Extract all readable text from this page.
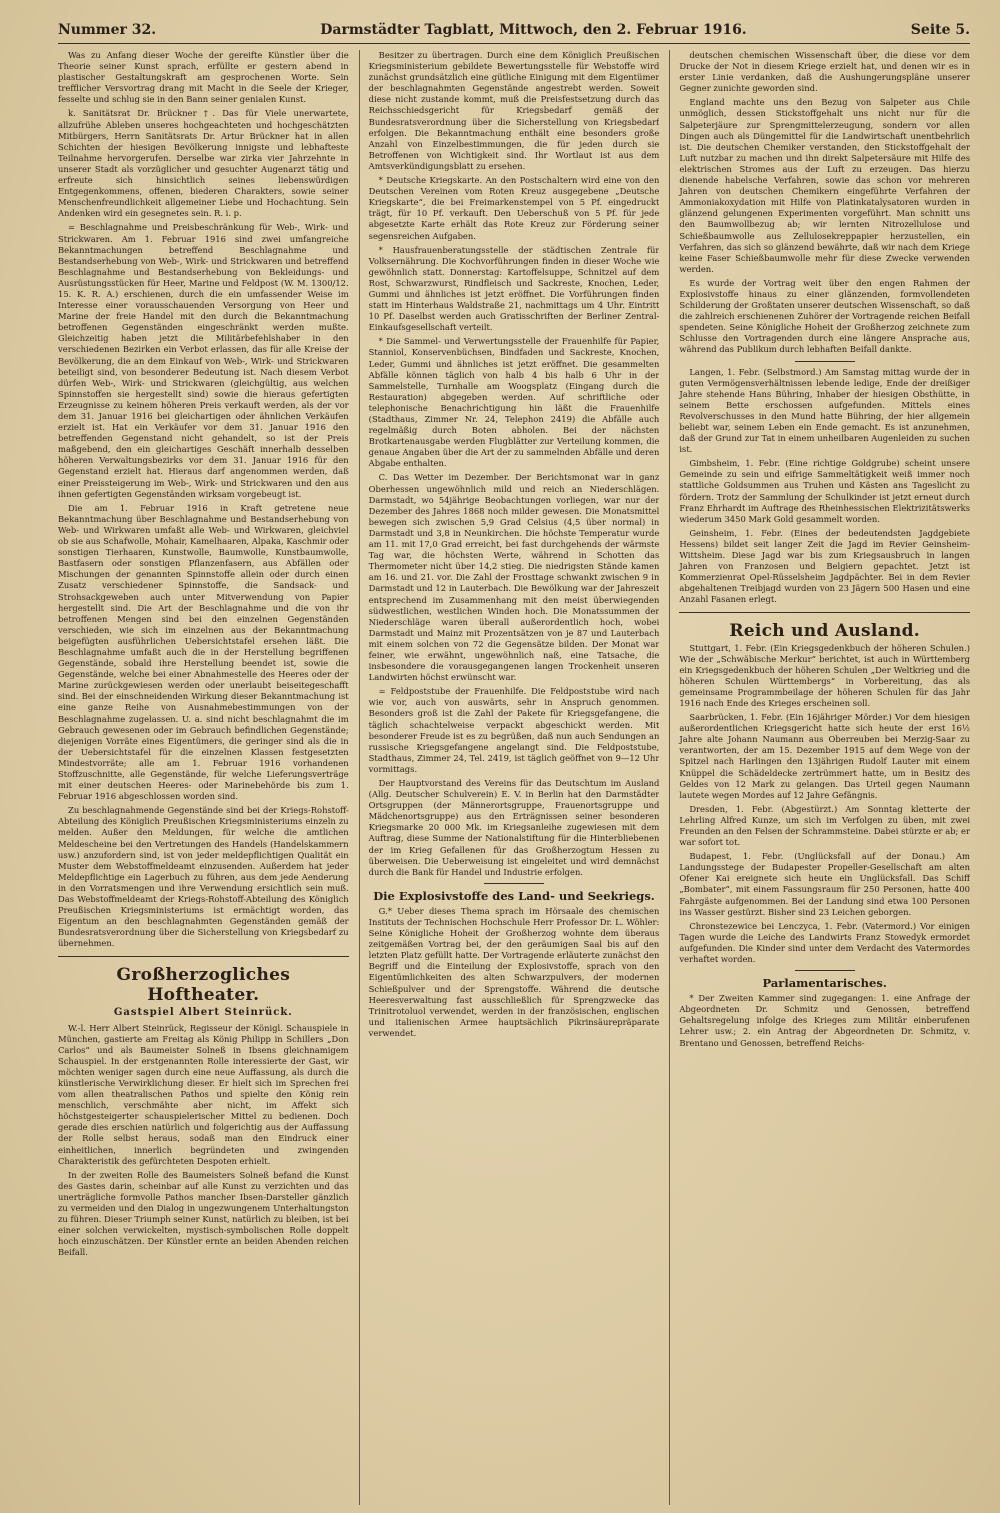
Nummer 32.	Darmstädter Tagblatt, Mittwoch, den 2. Februar 1916.	Seite 5.

Was zu Anfang dieser Woche der gereifte Künstler über die Theorie seiner Kunst sprach, erfüllte er gestern abend in plastischer Gestaltungskraft am gesprochenen Worte. Sein trefflicher Versvortrag drang mit Macht in die Seele der Krieger, fesselte und schlug sie in den Bann seiner genialen Kunst.

k. Sanitätsrat Dr. Brückner †. Das für Viele unerwartete, allzufrühe Ableben unseres hochgeachteten und hochgeschätzten Mitbürgers, Herrn Sanitätsrats Dr. Artur Brückner hat in allen Schichten der hiesigen Bevölkerung innigste und lebhafteste Teilnahme hervorgerufen. Derselbe war zirka vier Jahrzehnte in unserer Stadt als vorzüglicher und gesuchter Augenarzt tätig und erfreute sich hinsichtlich seines liebenswürdigen Entgegenkommens, offenen, biederen Charakters, sowie seiner Menschenfreundlichkeit allgemeiner Liebe und Hochachtung. Sein Andenken wird ein gesegnetes sein. R. i. p.

= Beschlagnahme und Preisbeschränkung für Web-, Wirk- und Strickwaren. Am 1. Februar 1916 sind zwei umfangreiche Bekanntmachungen betreffend Beschlagnahme und Bestandserhebung von Web-, Wirk- und Strickwaren und betreffend Beschlagnahme und Bestandserhebung von Bekleidungs- und Ausrüstungsstücken für Heer, Marine und Feldpost (W. M. 1300/12. 15. K. R. A.) erschienen, durch die ein umfassender Weise im Interesse einer vorausschauenden Versorgung von Heer und Marine der freie Handel mit den durch die Bekanntmachung betroffenen Gegenständen eingeschränkt werden mußte. Gleichzeitig haben jetzt die Militärbefehlshaber in den verschiedenen Bezirken ein Verbot erlassen, das für alle Kreise der Bevölkerung, die an dem Einkauf von Web-, Wirk- und Strickwaren beteiligt sind, von besonderer Bedeutung ist. Nach diesem Verbot dürfen Web-, Wirk- und Strickwaren (gleichgültig, aus welchen Spinnstoffen sie hergestellt sind) sowie die hieraus gefertigten Erzeugnisse zu keinem höheren Preis verkauft werden, als der vor dem 31. Januar 1916 bei gleichartigen oder ähnlichen Verkäufen erzielt ist. Hat ein Verkäufer vor dem 31. Januar 1916 den betreffenden Gegenstand nicht gehandelt, so ist der Preis maßgebend, den ein gleichartiges Geschäft innerhalb desselben höheren Verwaltungsbezirks vor dem 31. Januar 1916 für den Gegenstand erzielt hat. Hieraus darf angenommen werden, daß einer Preissteigerung im Web-, Wirk- und Strickwaren und den aus ihnen gefertigten Gegenständen wirksam vorgebeugt ist.

Die am 1. Februar 1916 in Kraft getretene neue Bekanntmachung über Beschlagnahme und Bestandserhebung von Web- und Wirkwaren umfaßt alle Web- und Wirkwaren, gleichviel ob sie aus Schafwolle, Mohair, Kamelhaaren, Alpaka, Kaschmir oder sonstigen Tierhaaren, Kunstwolle, Baumwolle, Kunstbaumwolle, Bastfasern oder sonstigen Pflanzenfasern, aus Abfällen oder Mischungen der genannten Spinnstoffe allein oder durch einen Zusatz verschiedener Spinnstoffe, die Sandsack- und Strohsackgeweben auch unter Mitverwendung von Papier hergestellt sind. Die Art der Beschlagnahme und die von ihr betroffenen Mengen sind bei den einzelnen Gegenständen verschieden, wie sich im einzelnen aus der Bekanntmachung beigefügten ausführlichen Uebersichtstafel ersehen läßt. Die Beschlagnahme umfaßt auch die in der Herstellung begriffenen Gegenstände, sobald ihre Herstellung beendet ist, sowie die Gegenstände, welche bei einer Abnahmestelle des Heeres oder der Marine zurückgewiesen werden oder unerlaubt beiseitegeschafft sind. Bei der einschneidenden Wirkung dieser Bekanntmachung ist eine ganze Reihe von Ausnahmebestimmungen von der Beschlagnahme zugelassen. U. a. sind nicht beschlagnahmt die im Gebrauch gewesenen oder im Gebrauch befindlichen Gegenstände; diejenigen Vorräte eines Eigentümers, die geringer sind als die in der Uebersichtstafel für die einzelnen Klassen festgesetzten Mindestvorräte; alle am 1. Februar 1916 vorhandenen Stoffzuschnitte, alle Gegenstände, für welche Lieferungsverträge mit einer deutschen Heeres- oder Marinebehörde bis zum 1. Februar 1916 abgeschlossen worden sind.

Zu beschlagnahmende Gegenstände sind bei der Kriegs-Rohstoff-Abteilung des Königlich Preußischen Kriegsministeriums einzeln zu melden. Außer den Meldungen, für welche die amtlichen Meldescheine bei den Vertretungen des Handels (Handelskammern usw.) anzufordern sind, ist von jeder meldepflichtigen Qualität ein Muster dem Webstoffmeldeamt einzusenden. Außerdem hat jeder Meldepflichtige ein Lagerbuch zu führen, aus dem jede Aenderung in den Vorratsmengen und ihre Verwendung ersichtlich sein muß. Das Webstoffmeldeamt der Kriegs-Rohstoff-Abteilung des Königlich Preußischen Kriegsministeriums ist ermächtigt worden, das Eigentum an den beschlagnahmten Gegenständen gemäß der Bundesratsverordnung über die Sicherstellung von Kriegsbedarf zu übernehmen.

Großherzogliches Hoftheater.
Gastspiel Albert Steinrück.

W.-l. Herr Albert Steinrück, Regisseur der Königl. Schauspiele in München, gastierte am Freitag als König Philipp in Schillers „Don Carlos“ und als Baumeister Solneß in Ibsens gleichnamigem Schauspiel. In der erstgenannten Rolle interessierte der Gast, wir möchten weniger sagen durch eine neue Auffassung, als durch die künstlerische Verwirklichung dieser. Er hielt sich im Sprechen frei vom allen theatralischen Pathos und spielte den König rein menschlich, verschmähte aber nicht, im Affekt sich höchstgesteigerter schauspielerischer Mittel zu bedienen. Doch gerade dies erschien natürlich und folgerichtig aus der Auffassung der Rolle selbst heraus, sodaß man den Eindruck einer einheitlichen, innerlich begründeten und zwingenden Charakteristik des gefürchteten Despoten erhielt.

In der zweiten Rolle des Baumeisters Solneß befand die Kunst des Gastes darin, scheinbar auf alle Kunst zu verzichten und das unerträgliche formvolle Pathos mancher Ibsen-Darsteller gänzlich zu vermeiden und den Dialog in ungezwungenem Unterhaltungston zu führen. Dieser Triumph seiner Kunst, natürlich zu bleiben, ist bei einer solchen verwickelten, mystisch-symbolischen Rolle doppelt hoch einzuschätzen. Der Künstler ernte an beiden Abenden reichen Beifall.

Besitzer zu übertragen. Durch eine dem Königlich Preußischen Kriegsministerium gebildete Bewertungsstelle für Webstoffe wird zunächst grundsätzlich eine gütliche Einigung mit dem Eigentümer der beschlagnahmten Gegenstände angestrebt werden. Soweit diese nicht zustande kommt, muß die Preisfestsetzung durch das Reichsschiedsgericht für Kriegsbedarf gemäß der Bundesratsverordnung über die Sicherstellung von Kriegsbedarf erfolgen. Die Bekanntmachung enthält eine besonders große Anzahl von Einzelbestimmungen, die für jeden durch sie Betroffenen von Wichtigkeit sind. Ihr Wortlaut ist aus dem Amtsverkündigungsblatt zu ersehen.

* Deutsche Kriegskarte. An den Postschaltern wird eine von den Deutschen Vereinen vom Roten Kreuz ausgegebene „Deutsche Kriegskarte“, die bei Freimarkenstempel von 5 Pf. eingedruckt trägt, für 10 Pf. verkauft. Den Ueberschuß von 5 Pf. für jede abgesetzte Karte erhält das Rote Kreuz zur Förderung seiner segensreichen Aufgaben.

* Hausfrauenberatungsstelle der städtischen Zentrale für Volksernährung. Die Kochvorführungen finden in dieser Woche wie gewöhnlich statt. Donnerstag: Kartoffelsuppe, Schnitzel auf dem Rost, Schwarzwurst, Rindfleisch und Sackreste, Knochen, Leder, Gummi und ähnliches ist jetzt eröffnet. Die Vorführungen finden statt im Hinterhaus Waldstraße 21, nachmittags um 4 Uhr. Eintritt 10 Pf. Daselbst werden auch Gratisschriften der Berliner Zentral-Einkaufsgesellschaft verteilt.

* Die Sammel- und Verwertungsstelle der Frauenhilfe für Papier, Stanniol, Konservenbüchsen, Bindfaden und Sackreste, Knochen, Leder, Gummi und ähnliches ist jetzt eröffnet. Die gesammelten Abfälle können täglich von halb 4 bis halb 6 Uhr in der Sammelstelle, Turnhalle am Woogsplatz (Eingang durch die Restauration) abgegeben werden. Auf schriftliche oder telephonische Benachrichtigung hin läßt die Frauenhilfe (Stadthaus, Zimmer Nr. 24, Telephon 2419) die Abfälle auch regelmäßig durch Boten abholen. Bei der nächsten Brotkartenausgabe werden Flugblätter zur Verteilung kommen, die genaue Angaben über die Art der zu sammelnden Abfälle und deren Abgabe enthalten.

C. Das Wetter im Dezember. Der Berichtsmonat war in ganz Oberhessen ungewöhnlich mild und reich an Niederschlägen. Darmstadt, wo 54jährige Beobachtungen vorliegen, war nur der Dezember des Jahres 1868 noch milder gewesen. Die Monatsmittel bewegen sich zwischen 5,9 Grad Celsius (4,5 über normal) in Darmstadt und 3,8 in Neunkirchen. Die höchste Temperatur wurde am 11. mit 17,0 Grad erreicht, bei fast durchgehends der wärmste Tag war, die höchsten Werte, während in Schotten das Thermometer nicht über 14,2 stieg. Die niedrigsten Stände kamen am 16. und 21. vor. Die Zahl der Frosttage schwankt zwischen 9 in Darmstadt und 12 in Lauterbach. Die Bewölkung war der Jahreszeit entsprechend im Zusammenhang mit den meist überwiegenden südwestlichen, westlichen Winden hoch. Die Monatssummen der Niederschläge waren überall außerordentlich hoch, wobei Darmstadt und Mainz mit Prozentsätzen von je 87 und Lauterbach mit einem solchen von 72 die Gegensätze bilden. Der Monat war feiner, wie erwähnt, ungewöhnlich naß, eine Tatsache, die insbesondere die vorausgegangenen langen Trockenheit unseren Landwirten höchst erwünscht war.

= Feldpoststube der Frauenhilfe. Die Feldpoststube wird nach wie vor, auch von auswärts, sehr in Anspruch genommen. Besonders groß ist die Zahl der Pakete für Kriegsgefangene, die täglich schachtelweise verpackt abgeschickt werden. Mit besonderer Freude ist es zu begrüßen, daß nun auch Sendungen an russische Kriegsgefangene angelangt sind. Die Feldpoststube, Stadthaus, Zimmer 24, Tel. 2419, ist täglich geöffnet von 9—12 Uhr vormittags.

Der Hauptvorstand des Vereins für das Deutschtum im Ausland (Allg. Deutscher Schulverein) E. V. in Berlin hat den Darmstädter Ortsgruppen (der Männerortsgruppe, Frauenortsgruppe und Mädchenortsgruppe) aus den Erträgnissen seiner besonderen Kriegsmarke 20 000 Mk. im Kriegsanleihe zugewiesen mit dem Auftrag, diese Summe der Nationalstiftung für die Hinterbliebenen der im Krieg Gefallenen für das Großherzogtum Hessen zu überweisen. Die Ueberweisung ist eingeleitet und wird demnächst durch die Bank für Handel und Industrie erfolgen.

Die Explosivstoffe des Land- und Seekriegs.

G.* Ueber dieses Thema sprach im Hörsaale des chemischen Instituts der Technischen Hochschule Herr Professor Dr. L. Wöhler: Seine Königliche Hoheit der Großherzog wohnte dem überaus zeitgemäßen Vortrag bei, der den geräumigen Saal bis auf den letzten Platz gefüllt hatte. Der Vortragende erläuterte zunächst den Begriff und die Einteilung der Explosivstoffe, sprach von den Eigentümlichkeiten des alten Schwarzpulvers, der modernen Schießpulver und der Sprengstoffe. Während die deutsche Heeresverwaltung fast ausschließlich für Sprengzwecke das Trinitrotoluol verwendet, werden in der französischen, englischen und italienischen Armee hauptsächlich Pikrinsäurepräparate verwendet.

deutschen chemischen Wissenschaft über, die diese vor dem Drucke der Not in diesem Kriege erzielt hat, und denen wir es in erster Linie verdanken, daß die Aushungerungspläne unserer Gegner zunichte geworden sind.

England machte uns den Bezug von Salpeter aus Chile unmöglich, dessen Stickstoffgehalt uns nicht nur für die Salpeterjäure zur Sprengmittelerzeugung, sondern vor allen Dingen auch als Düngemittel für die Landwirtschaft unentbehrlich ist. Die deutschen Chemiker verstanden, den Stickstoffgehalt der Luft nutzbar zu machen und ihn direkt Salpetersäure mit Hilfe des elektrischen Stromes aus der Luft zu erzeugen. Das hierzu dienende habelsche Verfahren, sowie das schon vor mehreren Jahren von deutschen Chemikern eingeführte Verfahren der Ammoniakoxydation mit Hilfe von Platinkatalysatoren wurden in glänzend gelungenen Experimenten vorgeführt. Man schnitt uns den Baumwollbezug ab; wir lernten Nitrozellulose und Schießbaumwolle aus Zellulosekreppapier herzustellen, ein Verfahren, das sich so glänzend bewährte, daß wir nach dem Kriege keine Faser Schießbaumwolle mehr für diese Zwecke verwenden werden.

Es wurde der Vortrag weit über den engen Rahmen der Explosivstoffe hinaus zu einer glänzenden, formvollendeten Schilderung der Großtaten unserer deutschen Wissenschaft, so daß die zahlreich erschienenen Zuhörer der Vortragende reichen Beifall spendeten. Seine Königliche Hoheit der Großherzog zeichnete zum Schlusse den Vortragenden durch eine längere Ansprache aus, während das Publikum durch lebhaften Beifall dankte.

Langen, 1. Febr. (Selbstmord.) Am Samstag mittag wurde der in guten Vermögensverhältnissen lebende ledige, Ende der dreißiger Jahre stehende Hans Bühring, Inhaber der hiesigen Obsthütte, in seinem Bette erschossen aufgefunden. Mittels eines Revolverschusses in den Mund hatte Bühring, der hier allgemein beliebt war, seinem Leben ein Ende gemacht. Es ist anzunehmen, daß der Grund zur Tat in einem unheilbaren Augenleiden zu suchen ist.

Gimbsheim, 1. Febr. (Eine richtige Goldgrube) scheint unsere Gemeinde zu sein und eifrige Sammeltätigkeit weiß immer noch stattliche Goldsummen aus Truhen und Kästen ans Tageslicht zu fördern. Trotz der Sammlung der Schulkinder ist jetzt erneut durch Franz Ehrhardt im Auftrage des Rheinhessischen Elektrizitätswerks wiederum 3450 Mark Gold gesammelt worden.

Geinsheim, 1. Febr. (Eines der bedeutendsten Jagdgebiete Hessens) bildet seit langer Zeit die Jagd im Revier Geinsheim-Wittsheim. Diese Jagd war bis zum Kriegsausbruch in langen Jahren von Franzosen und Belgiern gepachtet. Jetzt ist Kommerzienrat Opel-Rüsselsheim Jagdpächter. Bei in dem Revier abgehaltenen Treibjagd wurden von 23 Jägern 500 Hasen und eine Anzahl Fasanen erlegt.

Reich und Ausland.

Stuttgart, 1. Febr. (Ein Kriegsgedenkbuch der höheren Schulen.) Wie der „Schwäbische Merkur“ berichtet, ist auch in Württemberg ein Kriegsgedenkbuch der höheren Schulen „Der Weltkrieg und die höheren Schulen Württembergs“ in Vorbereitung, das als gemeinsame Programmbeilage der höheren Schulen für das Jahr 1916 nach Ende des Krieges erscheinen soll.

Saarbrücken, 1. Febr. (Ein 16jähriger Mörder.) Vor dem hiesigen außerordentlichen Kriegsgericht hatte sich heute der erst 16½ Jahre alte Johann Naumann aus Oberreuben bei Merzig-Saar zu verantworten, der am 15. Dezember 1915 auf dem Wege von der Spitzel nach Harlingen den 13jährigen Rudolf Lauter mit einem Knüppel die Schädeldecke zertrümmert hatte, um in Besitz des Geldes von 12 Mark zu gelangen. Das Urteil gegen Naumann lautete wegen Mordes auf 12 Jahre Gefängnis.

Dresden, 1. Febr. (Abgestürzt.) Am Sonntag kletterte der Lehrling Alfred Kunze, um sich im Verfolgen zu üben, mit zwei Freunden an den Felsen der Schrammsteine. Dabei stürzte er ab; er war sofort tot.

Budapest, 1. Febr. (Unglücksfall auf der Donau.) Am Landungsstege der Budapester Propeller-Gesellschaft am alten Ofener Kai ereignete sich heute ein Unglücksfall. Das Schiff „Bombater“, mit einem Fassungsraum für 250 Personen, hatte 400 Fahrgäste aufgenommen. Bei der Landung sind etwa 100 Personen ins Wasser gestürzt. Bisher sind 23 Leichen geborgen.

Chronstezewice bei Lenczyca, 1. Febr. (Vatermord.) Vor einigen Tagen wurde die Leiche des Landwirts Franz Stowedyk ermordet aufgefunden. Die Kinder sind unter dem Verdacht des Vatermordes verhaftet worden.

Parlamentarisches.

* Der Zweiten Kammer sind zugegangen: 1. eine Anfrage der Abgeordneten Dr. Schmitz und Genossen, betreffend Gehaltsregelung infolge des Krieges zum Militär einberufenen Lehrer usw.; 2. ein Antrag der Abgeordneten Dr. Schmitz, v. Brentano und Genossen, betreffend Reichs-
